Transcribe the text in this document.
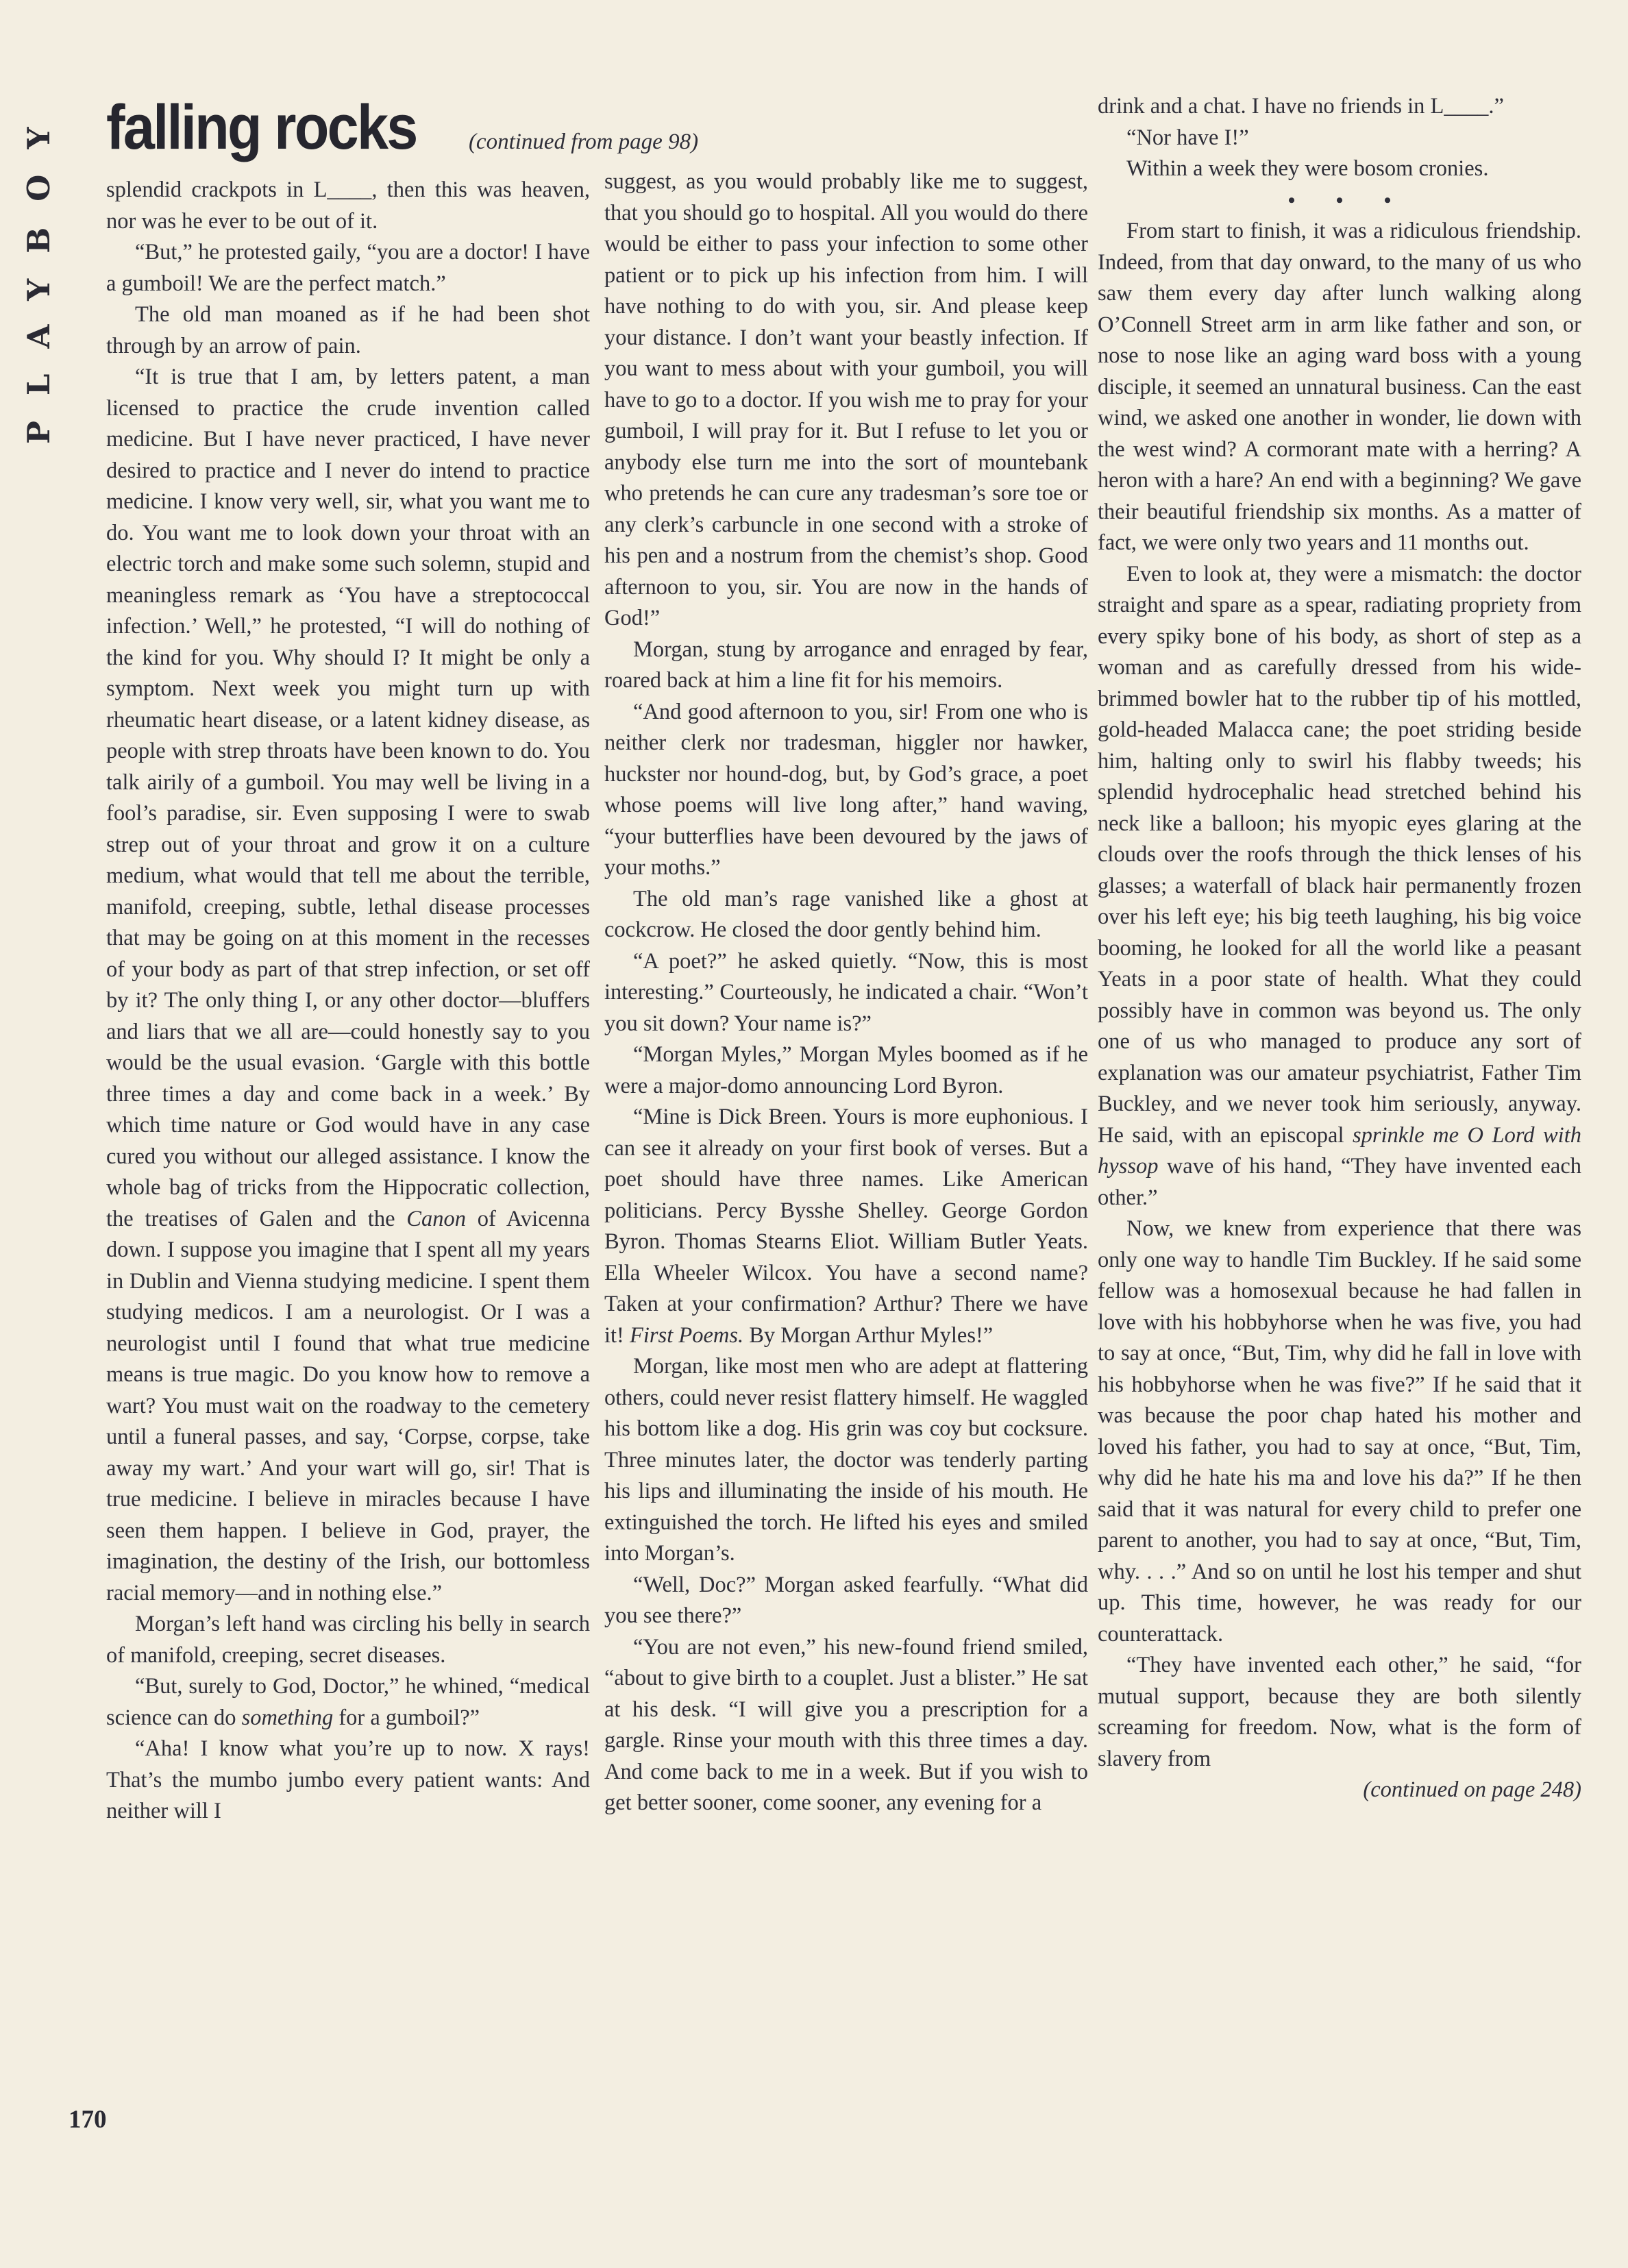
PLAYBOY falling rocks (continued from page 98)

splendid crackpots in L____, then this was heaven, nor was he ever to be out of it.

“But,” he protested gaily, “you are a doctor! I have a gumboil! We are the perfect match.”

The old man moaned as if he had been shot through by an arrow of pain.

“It is true that I am, by letters patent, a man licensed to practice the crude invention called medicine. But I have never practiced, I have never desired to practice and I never do intend to practice medicine. I know very well, sir, what you want me to do. You want me to look down your throat with an electric torch and make some such solemn, stupid and meaningless remark as ‘You have a streptococcal infection.’ Well,” he protested, “I will do nothing of the kind for you. Why should I? It might be only a symptom. Next week you might turn up with rheumatic heart disease, or a latent kidney disease, as people with strep throats have been known to do. You talk airily of a gumboil. You may well be living in a fool’s paradise, sir. Even supposing I were to swab strep out of your throat and grow it on a culture medium, what would that tell me about the terrible, manifold, creeping, subtle, lethal disease processes that may be going on at this moment in the recesses of your body as part of that strep infection, or set off by it? The only thing I, or any other doctor—bluffers and liars that we all are—could honestly say to you would be the usual evasion. ‘Gargle with this bottle three times a day and come back in a week.’ By which time nature or God would have in any case cured you without our alleged assistance. I know the whole bag of tricks from the Hippocratic collection, the treatises of Galen and the Canon of Avicenna down. I suppose you imagine that I spent all my years in Dublin and Vienna studying medicine. I spent them studying medicos. I am a neurologist. Or I was a neurologist until I found that what true medicine means is true magic. Do you know how to remove a wart? You must wait on the roadway to the cemetery until a funeral passes, and say, ‘Corpse, corpse, take away my wart.’ And your wart will go, sir! That is true medicine. I believe in miracles because I have seen them happen. I believe in God, prayer, the imagination, the destiny of the Irish, our bottomless racial memory—and in nothing else.”

Morgan’s left hand was circling his belly in search of manifold, creeping, secret diseases.

“But, surely to God, Doctor,” he whined, “medical science can do something for a gumboil?”

“Aha! I know what you’re up to now. X rays! That’s the mumbo jumbo every patient wants: And neither will I

suggest, as you would probably like me to suggest, that you should go to hospital. All you would do there would be either to pass your infection to some other patient or to pick up his infection from him. I will have nothing to do with you, sir. And please keep your distance. I don’t want your beastly infection. If you want to mess about with your gumboil, you will have to go to a doctor. If you wish me to pray for your gumboil, I will pray for it. But I refuse to let you or anybody else turn me into the sort of mountebank who pretends he can cure any tradesman’s sore toe or any clerk’s carbuncle in one second with a stroke of his pen and a nostrum from the chemist’s shop. Good afternoon to you, sir. You are now in the hands of God!”

Morgan, stung by arrogance and enraged by fear, roared back at him a line fit for his memoirs.

“And good afternoon to you, sir! From one who is neither clerk nor tradesman, higgler nor hawker, huckster nor hound-dog, but, by God’s grace, a poet whose poems will live long after,” hand waving, “your butterflies have been devoured by the jaws of your moths.”

The old man’s rage vanished like a ghost at cockcrow. He closed the door gently behind him.

“A poet?” he asked quietly. “Now, this is most interesting.” Courteously, he indicated a chair. “Won’t you sit down? Your name is?”

“Morgan Myles,” Morgan Myles boomed as if he were a major-domo announcing Lord Byron.

“Mine is Dick Breen. Yours is more euphonious. I can see it already on your first book of verses. But a poet should have three names. Like American politicians. Percy Bysshe Shelley. George Gordon Byron. Thomas Stearns Eliot. William Butler Yeats. Ella Wheeler Wilcox. You have a second name? Taken at your confirmation? Arthur? There we have it! First Poems. By Morgan Arthur Myles!”

Morgan, like most men who are adept at flattering others, could never resist flattery himself. He waggled his bottom like a dog. His grin was coy but cocksure. Three minutes later, the doctor was tenderly parting his lips and illuminating the inside of his mouth. He extinguished the torch. He lifted his eyes and smiled into Morgan’s.

“Well, Doc?” Morgan asked fearfully. “What did you see there?”

“You are not even,” his new-found friend smiled, “about to give birth to a couplet. Just a blister.” He sat at his desk. “I will give you a prescription for a gargle. Rinse your mouth with this three times a day. And come back to me in a week. But if you wish to get better sooner, come sooner, any evening for a

drink and a chat. I have no friends in L____.”

“Nor have I!”

Within a week they were bosom cronies.

• • •

From start to finish, it was a ridiculous friendship. Indeed, from that day onward, to the many of us who saw them every day after lunch walking along O’Connell Street arm in arm like father and son, or nose to nose like an aging ward boss with a young disciple, it seemed an unnatural business. Can the east wind, we asked one another in wonder, lie down with the west wind? A cormorant mate with a herring? A heron with a hare? An end with a beginning? We gave their beautiful friendship six months. As a matter of fact, we were only two years and 11 months out.

Even to look at, they were a mismatch: the doctor straight and spare as a spear, radiating propriety from every spiky bone of his body, as short of step as a woman and as carefully dressed from his wide-brimmed bowler hat to the rubber tip of his mottled, gold-headed Malacca cane; the poet striding beside him, halting only to swirl his flabby tweeds; his splendid hydrocephalic head stretched behind his neck like a balloon; his myopic eyes glaring at the clouds over the roofs through the thick lenses of his glasses; a waterfall of black hair permanently frozen over his left eye; his big teeth laughing, his big voice booming, he looked for all the world like a peasant Yeats in a poor state of health. What they could possibly have in common was beyond us. The only one of us who managed to produce any sort of explanation was our amateur psychiatrist, Father Tim Buckley, and we never took him seriously, anyway. He said, with an episcopal sprinkle me O Lord with hyssop wave of his hand, “They have invented each other.”

Now, we knew from experience that there was only one way to handle Tim Buckley. If he said some fellow was a homosexual because he had fallen in love with his hobbyhorse when he was five, you had to say at once, “But, Tim, why did he fall in love with his hobbyhorse when he was five?” If he said that it was because the poor chap hated his mother and loved his father, you had to say at once, “But, Tim, why did he hate his ma and love his da?” If he then said that it was natural for every child to prefer one parent to another, you had to say at once, “But, Tim, why. . . .” And so on until he lost his temper and shut up. This time, however, he was ready for our counterattack.

“They have invented each other,” he said, “for mutual support, because they are both silently screaming for freedom. Now, what is the form of slavery from

(continued on page 248)
170
